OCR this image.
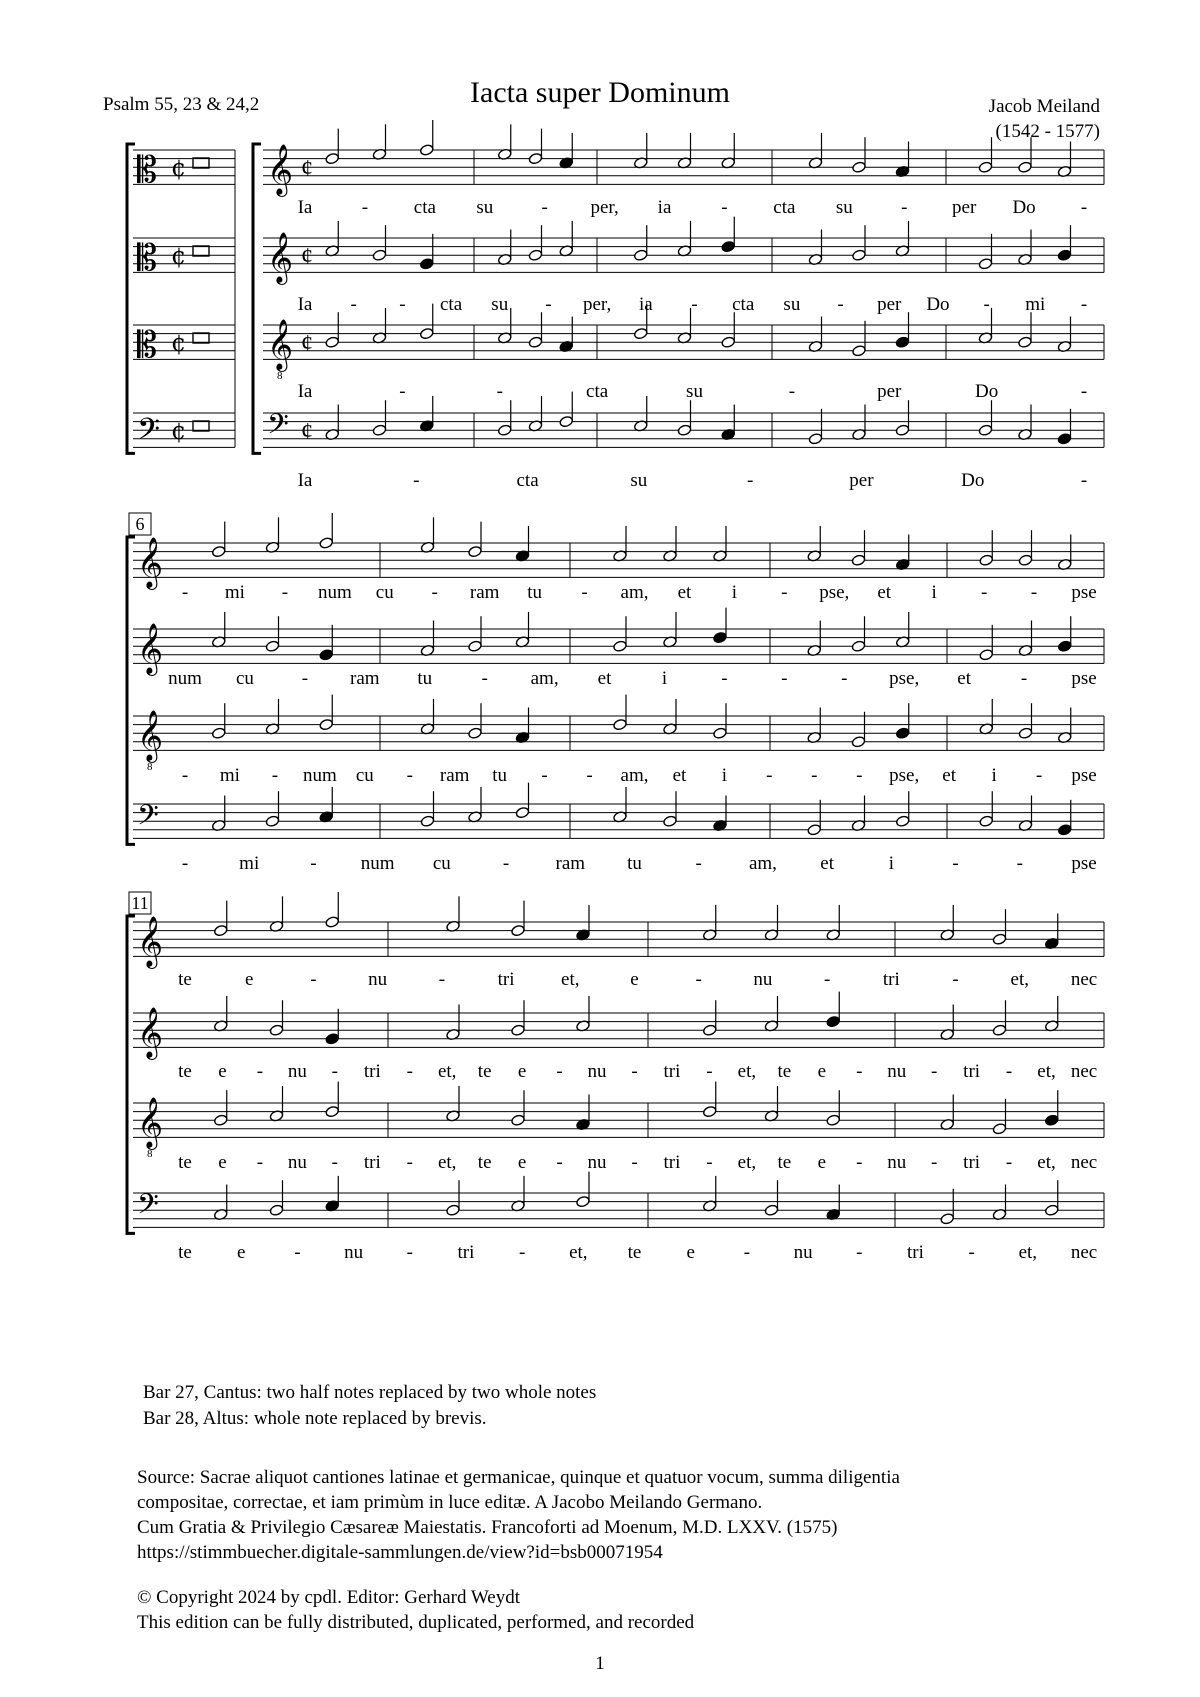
Psalm 55, 23 & 24,2	Iacta super Dominum	Jacob Meiland
(1542 - 1577)
𝄡 ¢
𝄡 ¢
𝄡 ¢
𝄢 ¢
𝄞 ¢
𝄞 ¢
𝄞
8
¢
𝄢 ¢
Ia	- cta su	- per, ia	- cta su	- per Do -
Ia - - cta su - per, ia - cta su - per Do - mi -
Ia	-	-	cta	su	-	per	Do	-
Ia	-	cta	su	-	per	Do	-
𝄞
𝄞
𝄞
8
𝄢
6
- mi - num cu - ram tu - am, et i - pse, et i - - pse
num cu	- ram tu	- am, et	i	-	-	- pse, et	- pse
- mi - num cu - ram tu - - am, et i - - - pse, et i - pse
-	mi	- num cu	- ram tu	- am, et	i	-	-	pse
𝄞
𝄞
𝄞
8
𝄢
11
te	e	-	nu	-	tri et,	e	-	nu	-	tri	-	et, nec
te e - nu - tri - et, te e - nu - tri - et, te e - nu - tri - et, nec
te e - nu - tri - et, te e - nu - tri - et, te e - nu - tri - et, nec
te e	- nu - tri - et, te e	- nu - tri - et, nec
Bar 27, Cantus: two half notes replaced by two whole notes
Bar 28, Altus: whole note replaced by brevis.
Source: Sacrae aliquot cantiones latinae et germanicae, quinque et quatuor vocum, summa diligentia
compositae, correctae, et iam primùm in luce editæ. A Jacobo Meilando Germano.
Cum Gratia & Privilegio Cæsareæ Maiestatis. Francoforti ad Moenum, M.D. LXXV. (1575)
https://stimmbuecher.digitale-sammlungen.de/view?id=bsb00071954
© Copyright 2024 by cpdl. Editor: Gerhard Weydt
This edition can be fully distributed, duplicated, performed, and recorded
1
